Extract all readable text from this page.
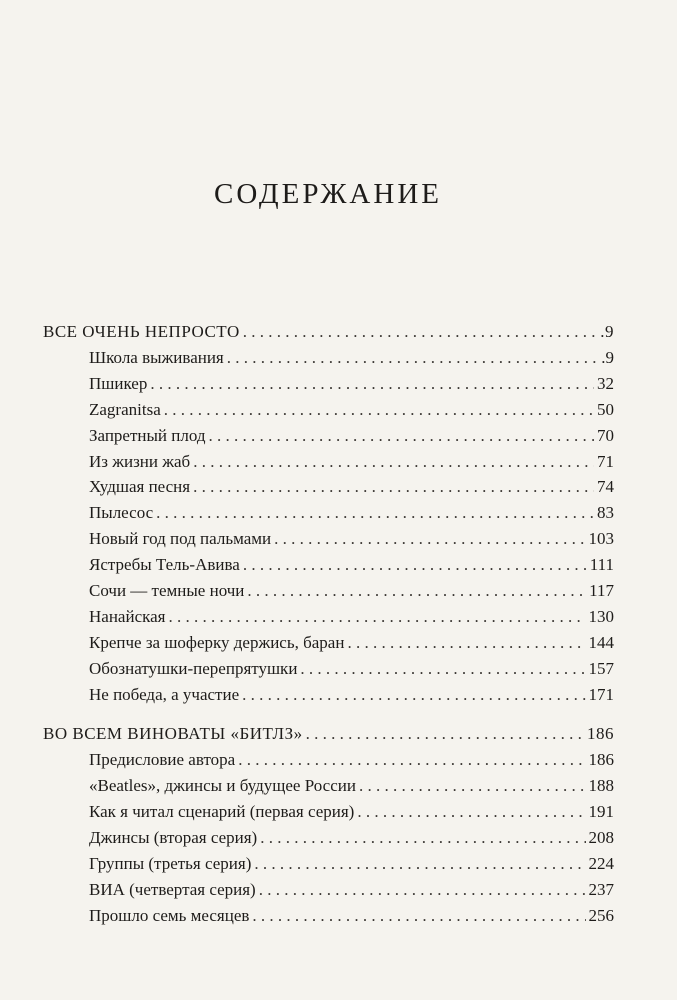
СОДЕРЖАНИЕ
ВСЕ ОЧЕНЬ НЕПРОСТО . . .	.9
Школа выживания . . .	.9
Пшикер . . .	32
Zagranitsa . . .	50
Запретный плод . . .	70
Из жизни жаб . . .	71
Худшая песня . . .	74
Пылесос . . .	83
Новый год под пальмами . . .	103
Ястребы Тель-Авива . . .	111
Сочи — темные ночи . . .	117
Нанайская . . .	130
Крепче за шоферку держись, баран . . .	144
Обознатушки-перепрятушки . . .	157
Не победа, а участие . . .	171
ВО ВСЕМ ВИНОВАТЫ «БИТЛЗ» . . .	186
Предисловие автора . . .	186
«Beatles», джинсы и будущее России . . .	188
Как я читал сценарий (первая серия) . . .	191
Джинсы (вторая серия) . . .	208
Группы (третья серия) . . .	224
ВИА (четвертая серия) . . .	237
Прошло семь месяцев . . .	256
